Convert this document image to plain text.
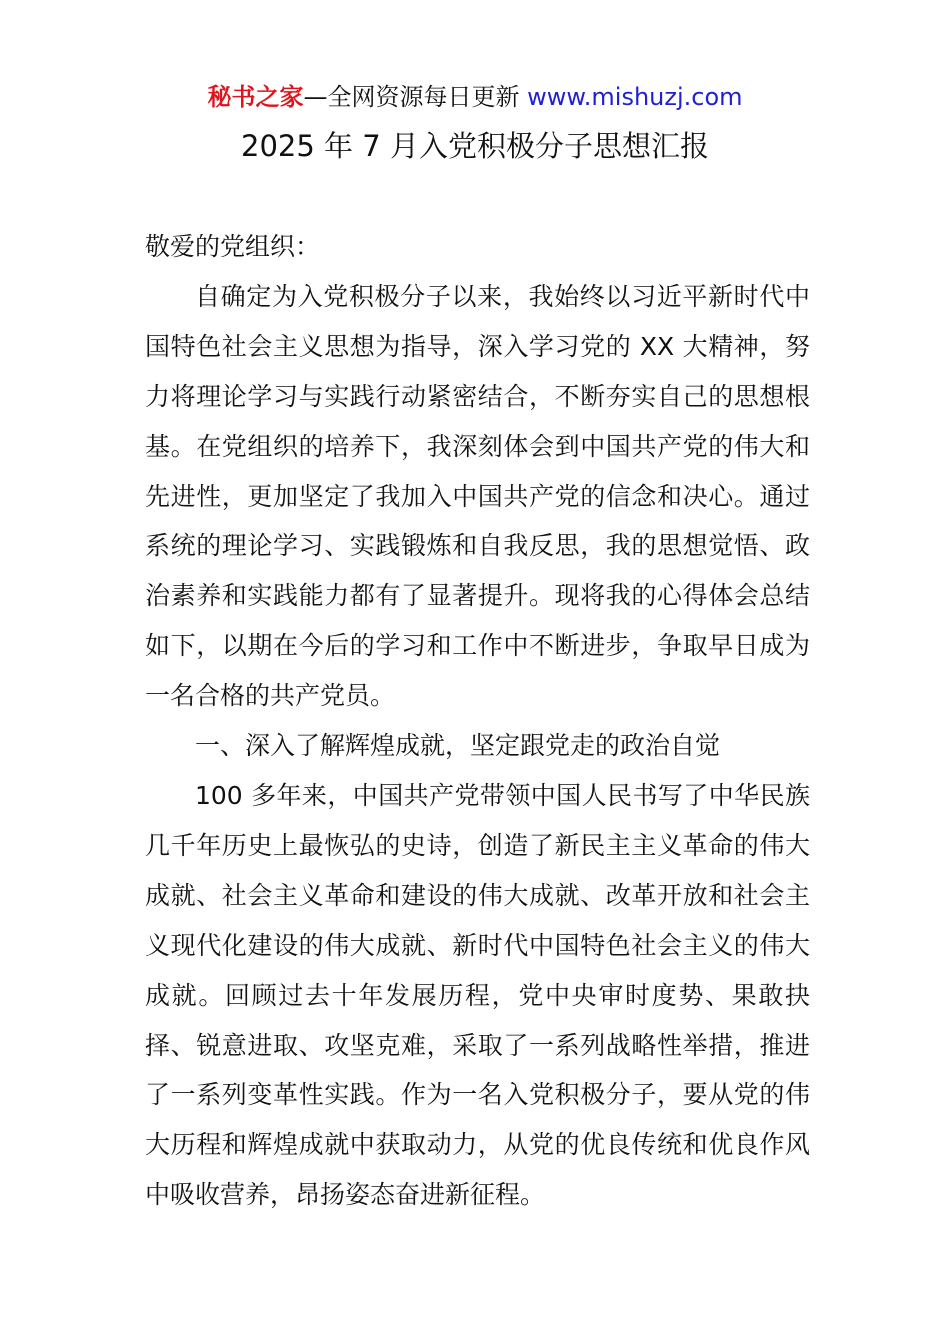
秘书之家—全网资源每日更新 www.mishuzj.com
2025 年 7 月入党积极分子思想汇报

敬爱的党组织：

自确定为入党积极分子以来，我始终以习近平新时代中国特色社会主义思想为指导，深入学习党的 XX 大精神，努力将理论学习与实践行动紧密结合，不断夯实自己的思想根基。在党组织的培养下，我深刻体会到中国共产党的伟大和先进性，更加坚定了我加入中国共产党的信念和决心。通过系统的理论学习、实践锻炼和自我反思，我的思想觉悟、政治素养和实践能力都有了显著提升。现将我的心得体会总结如下，以期在今后的学习和工作中不断进步，争取早日成为一名合格的共产党员。

一、深入了解辉煌成就，坚定跟党走的政治自觉

100 多年来，中国共产党带领中国人民书写了中华民族几千年历史上最恢弘的史诗，创造了新民主主义革命的伟大成就、社会主义革命和建设的伟大成就、改革开放和社会主义现代化建设的伟大成就、新时代中国特色社会主义的伟大成就。回顾过去十年发展历程，党中央审时度势、果敢抉择、锐意进取、攻坚克难，采取了一系列战略性举措，推进了一系列变革性实践。作为一名入党积极分子，要从党的伟大历程和辉煌成就中获取动力，从党的优良传统和优良作风中吸收营养，昂扬姿态奋进新征程。
